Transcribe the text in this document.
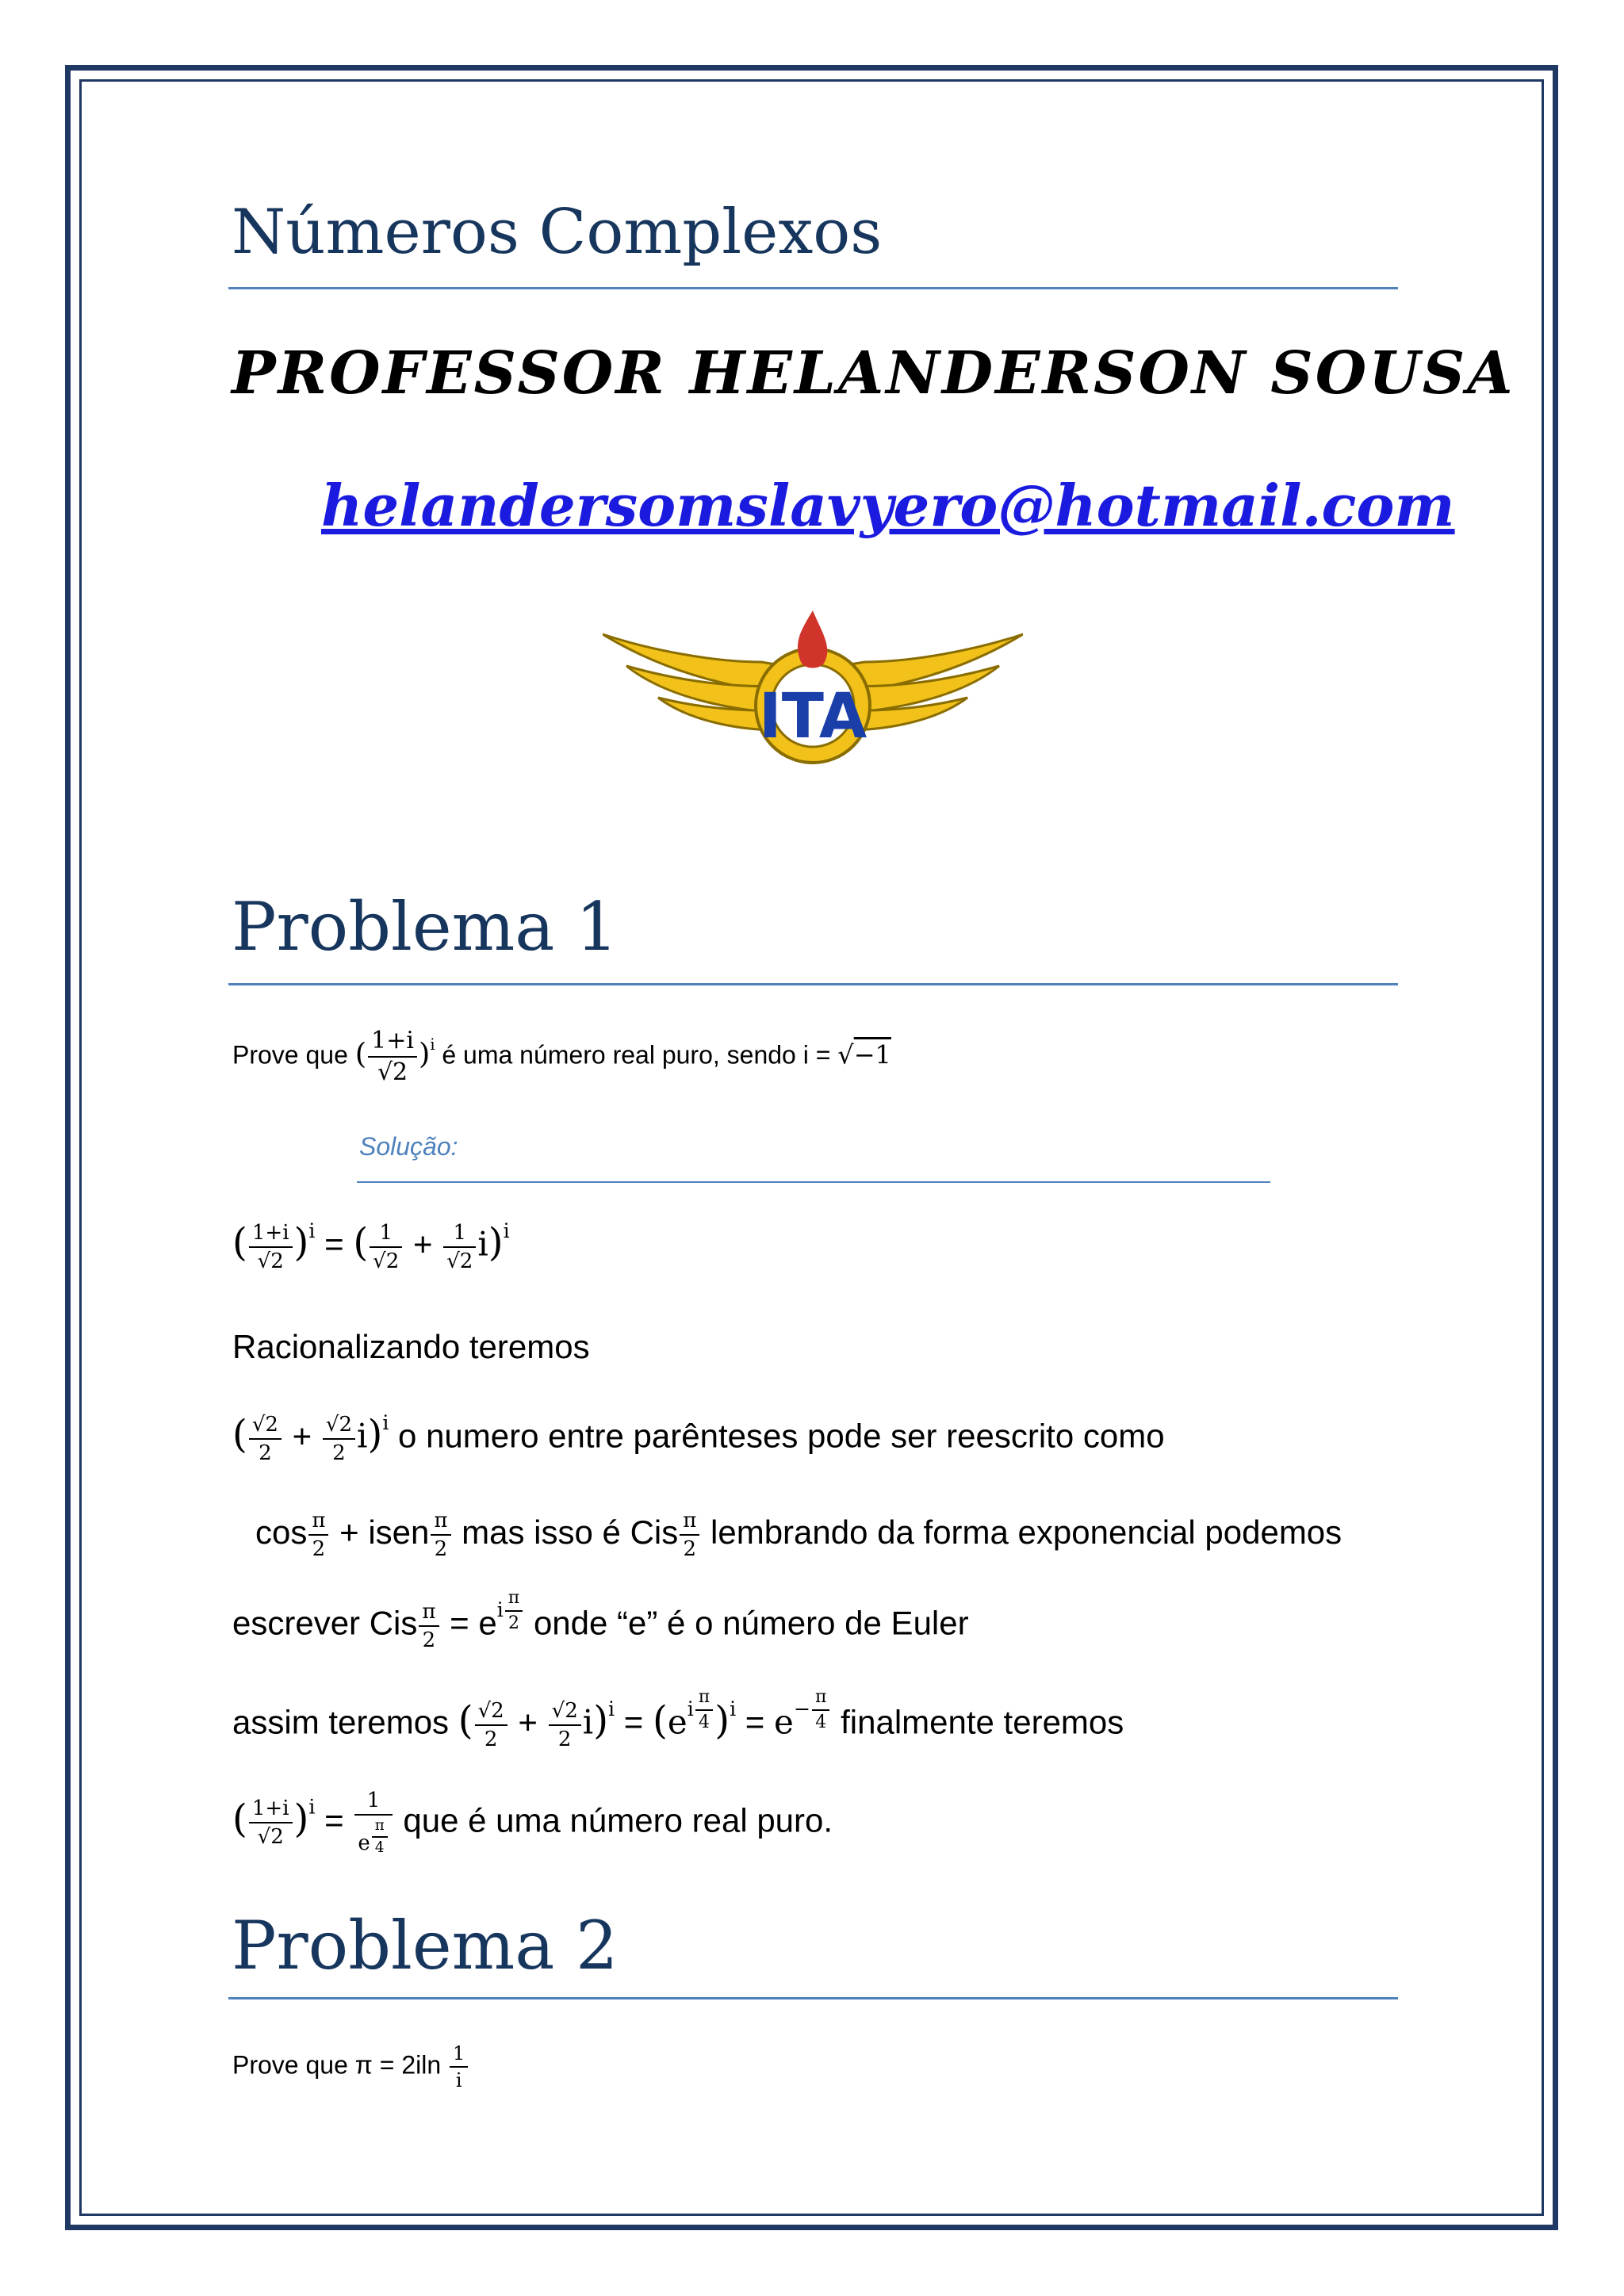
Números Complexos
PROFESSOR HELANDERSON SOUSA
helandersomslavyero@hotmail.com
ITA
Problema 1
Prove que ( $\frac{1+i}{√2} )^i$ é uma número real puro, sendo i = √−1
Solução:
( $\frac{1+i}{√2} )^i$ = ( $\frac{1}{√2} + \frac{1}{√2} i)^i$
Racionalizando teremos
( $\frac{√2}{2} + \frac{√2}{2} i)^i$ o numero entre parênteses pode ser reescrito como
$\cos \frac{\pi}{2}$ + isen $\frac{\pi}{2}$ mas isso é Cis $\frac{\pi}{2}$ lembrando da forma exponencial podemos
escrever Cis $\frac{\pi}{2} = e^{i \frac{\pi}{2}}$ onde “e” é o número de Euler
assim teremos ( $\frac{√2}{2} + \frac{√2}{2} i)^i = (e^{i \frac{\pi}{4}}$ )$^i = e^{- \frac{\pi}{4}}$ finalmente teremos
( $\frac{1+i}{√2} )^i = 1$
e $^{\frac{\pi}{4}}$ que é uma número real puro.
Problema 2
Prove que $\pi = 2iln \frac{1}{i}$
